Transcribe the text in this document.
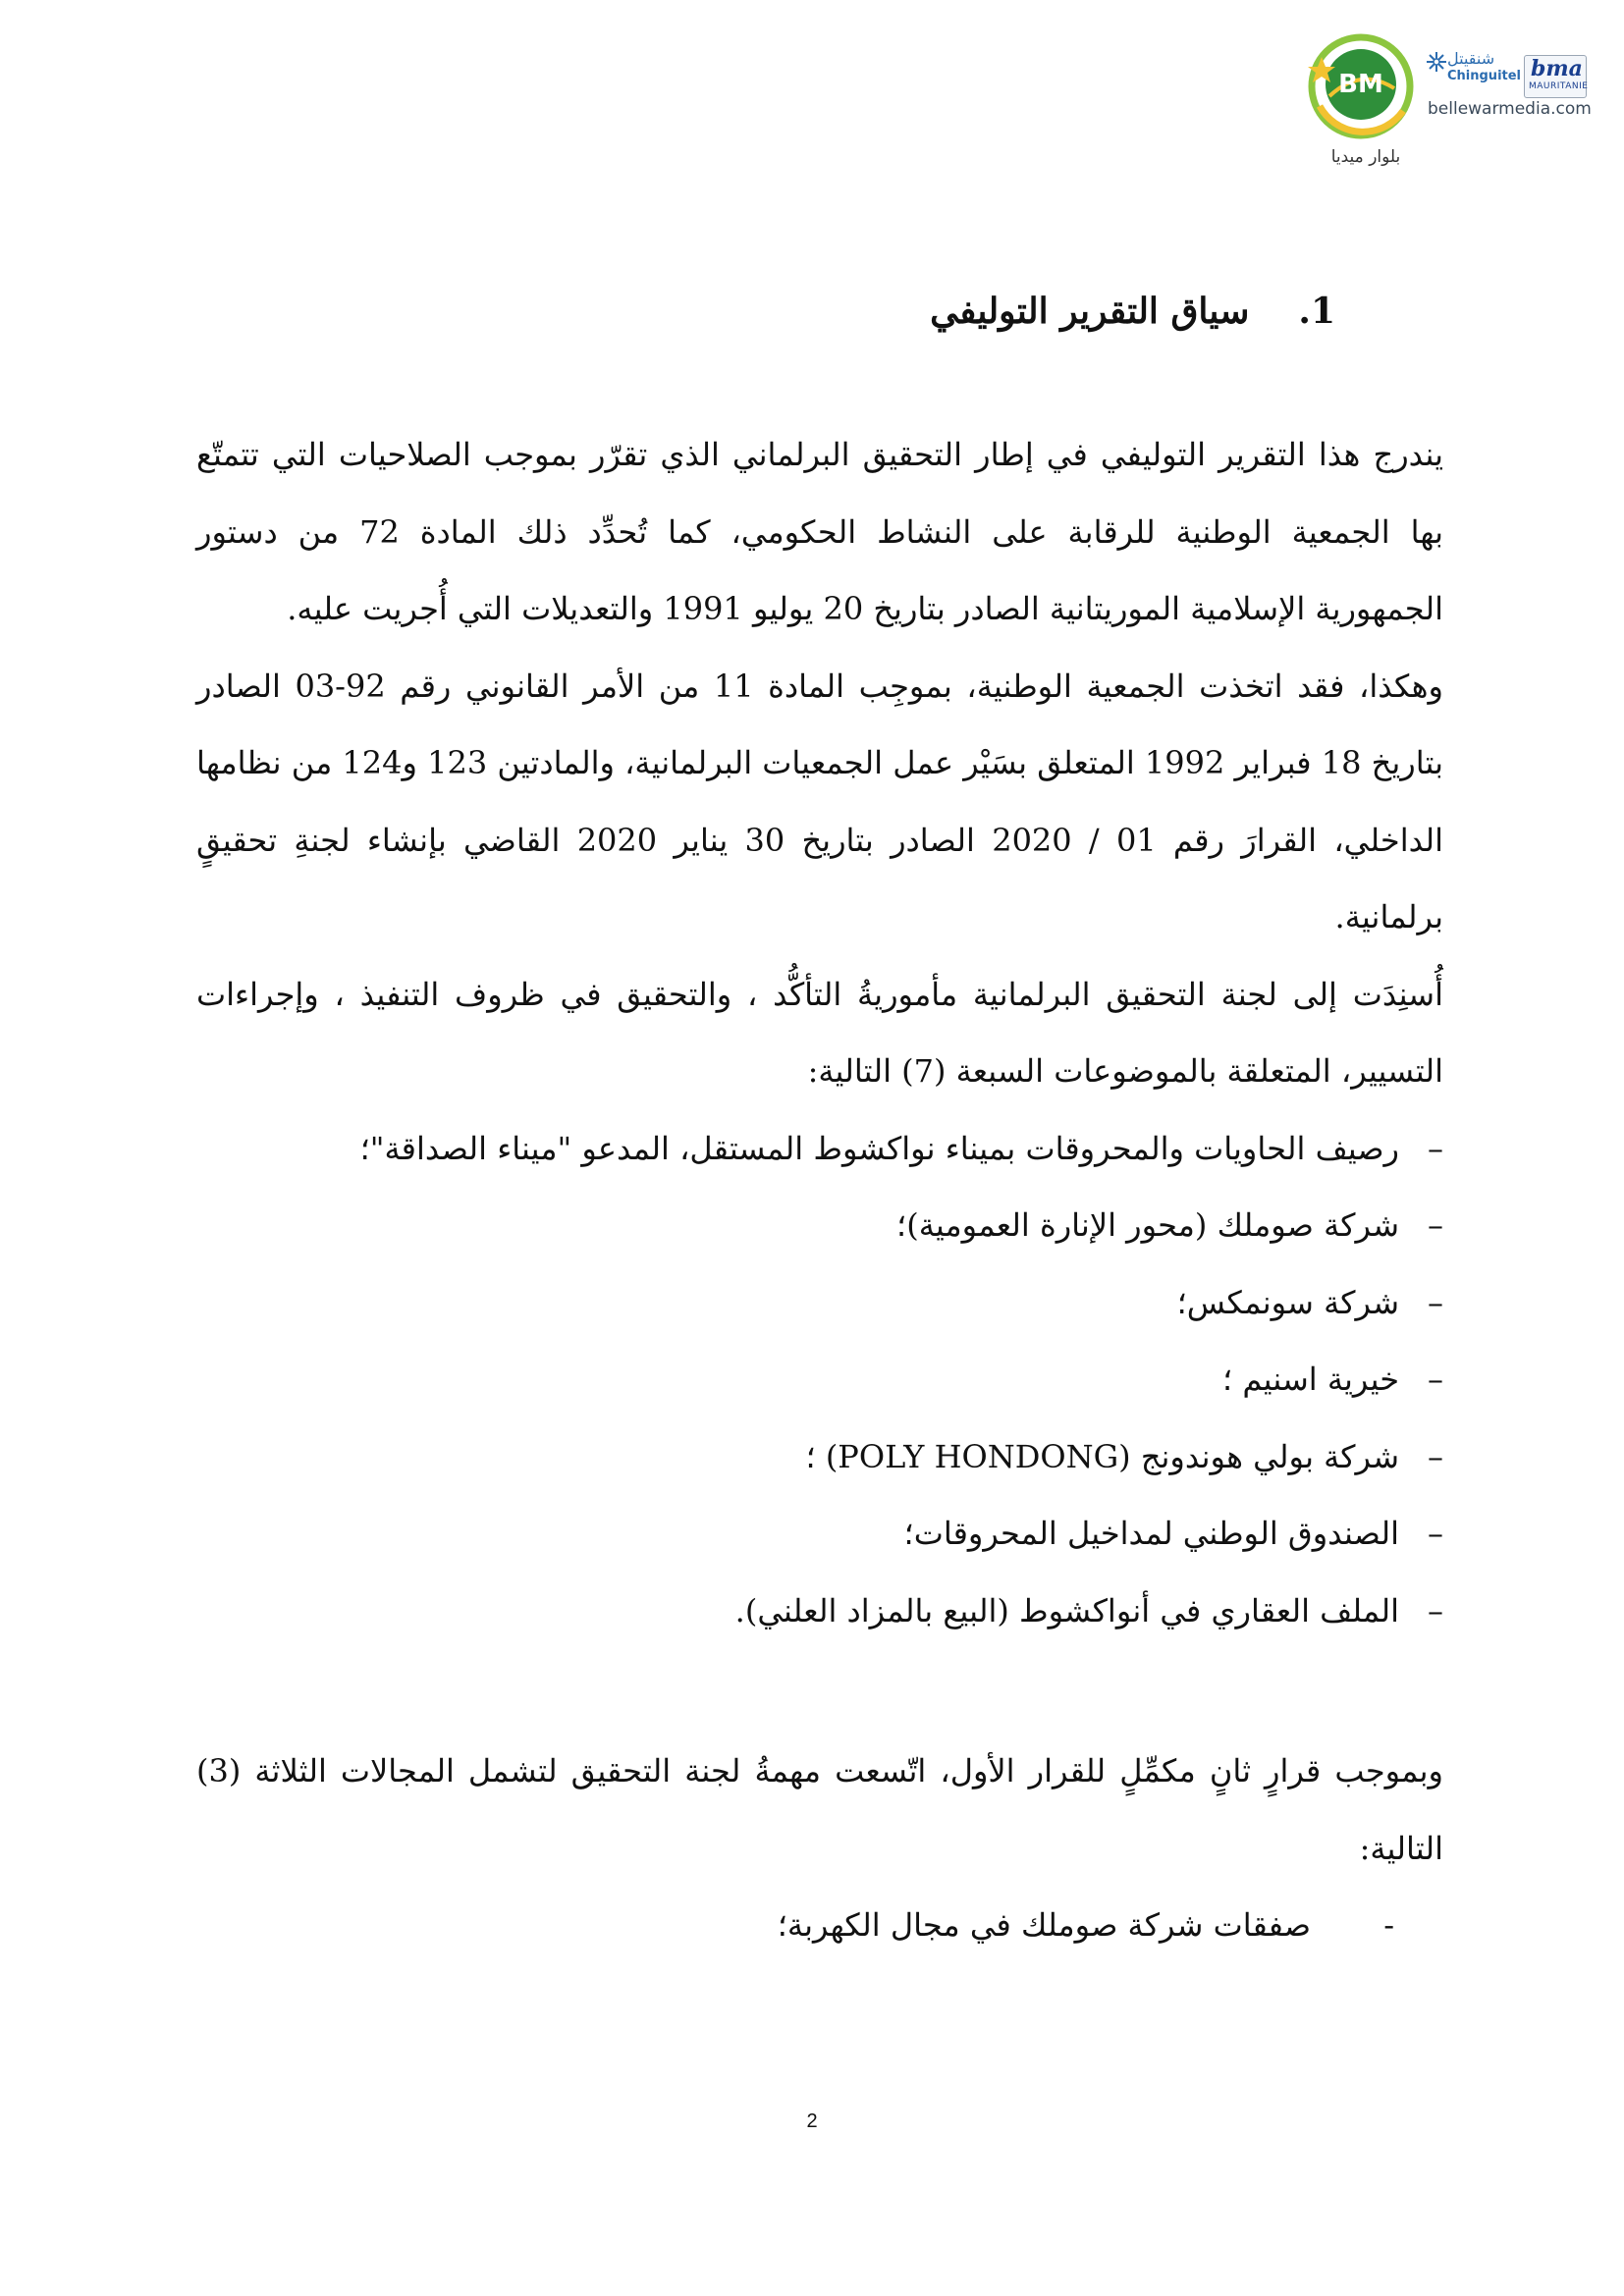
BM
بلوار ميديا
شنقيتل
Chinguitel bma
MAURITANIE
bellewarmedia.com
1.سياق التقرير التوليفي

يندرج هذا التقرير التوليفي في إطار التحقيق البرلماني الذي تقرّر بموجب الصلاحيات التي تتمتّع بها الجمعية الوطنية للرقابة على النشاط الحكومي، كما تُحدِّد ذلك المادة 72 من دستور الجمهورية الإسلامية الموريتانية الصادر بتاريخ 20 يوليو 1991 والتعديلات التي أُجريت عليه.

وهكذا، فقد اتخذت الجمعية الوطنية، بموجِب المادة 11 من الأمر القانوني رقم 92-03 الصادر بتاريخ 18 فبراير 1992 المتعلق بسَيْر عمل الجمعيات البرلمانية، والمادتين 123 و124 من نظامها الداخلي، القرارَ رقم 01 / 2020 الصادر بتاريخ 30 يناير 2020 القاضي بإنشاء لجنةِ تحقيقٍ برلمانية.

أُسنِدَت إلى لجنة التحقيق البرلمانية مأموريةُ التأكُّد ، والتحقيق في ظروف التنفيذ ، وإجراءات التسيير، المتعلقة بالموضوعات السبعة (7) التالية:

–
رصيف الحاويات والمحروقات بميناء نواكشوط المستقل، المدعو "ميناء الصداقة"؛
–
شركة صوملك (محور الإنارة العمومية)؛
–
شركة سونمكس؛
–
خيرية اسنيم ؛
–
شركة بولي هوندونج (POLY HONDONG) ؛
–
الصندوق الوطني لمداخيل المحروقات؛
–
الملف العقاري في أنواكشوط (البيع بالمزاد العلني).

وبموجب قرارٍ ثانٍ مكمِّلٍ للقرار الأول، اتّسعت مهمةُ لجنة التحقيق لتشمل المجالات الثلاثة (3) التالية:

-
صفقات شركة صوملك في مجال الكهربة؛
2
